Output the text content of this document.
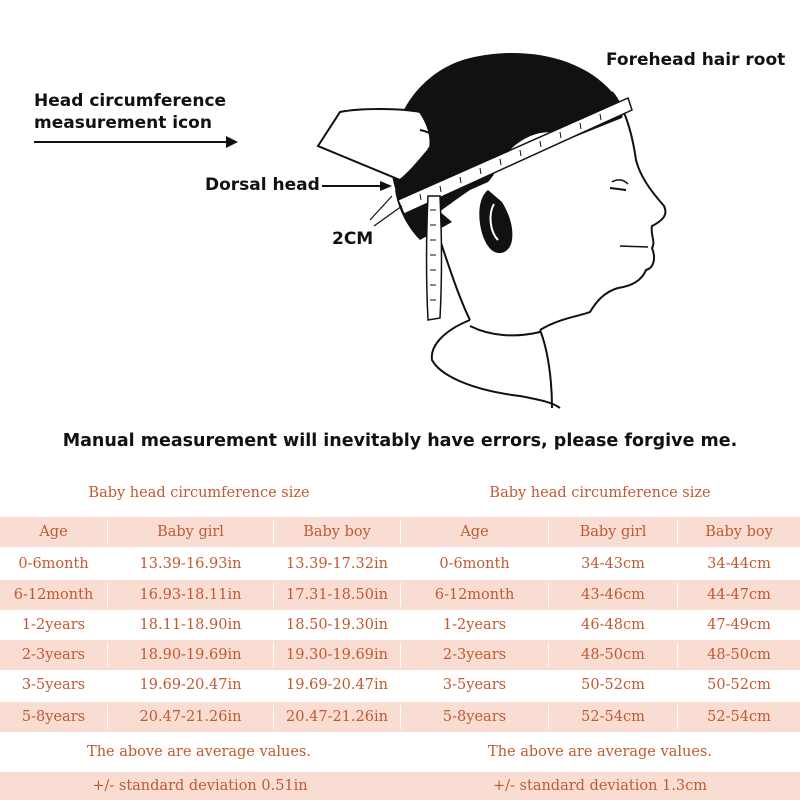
Forehead hair root
Head circumference
measurement icon
Dorsal head
2CM
Manual measurement will inevitably have errors, please forgive me.
Baby head circumference size
Age	Baby girl	Baby boy
0-6month	13.39-16.93in	13.39-17.32in
6-12month	16.93-18.11in	17.31-18.50in
1-2years	18.11-18.90in	18.50-19.30in
2-3years	18.90-19.69in	19.30-19.69in
3-5years	19.69-20.47in	19.69-20.47in
5-8years	20.47-21.26in	20.47-21.26in
The above are average values.
+/- standard deviation 0.51in
Baby head circumference size
Age	Baby girl	Baby boy
0-6month	34-43cm	34-44cm
6-12month	43-46cm	44-47cm
1-2years	46-48cm	47-49cm
2-3years	48-50cm	48-50cm
3-5years	50-52cm	50-52cm
5-8years	52-54cm	52-54cm
The above are average values.
+/- standard deviation 1.3cm
